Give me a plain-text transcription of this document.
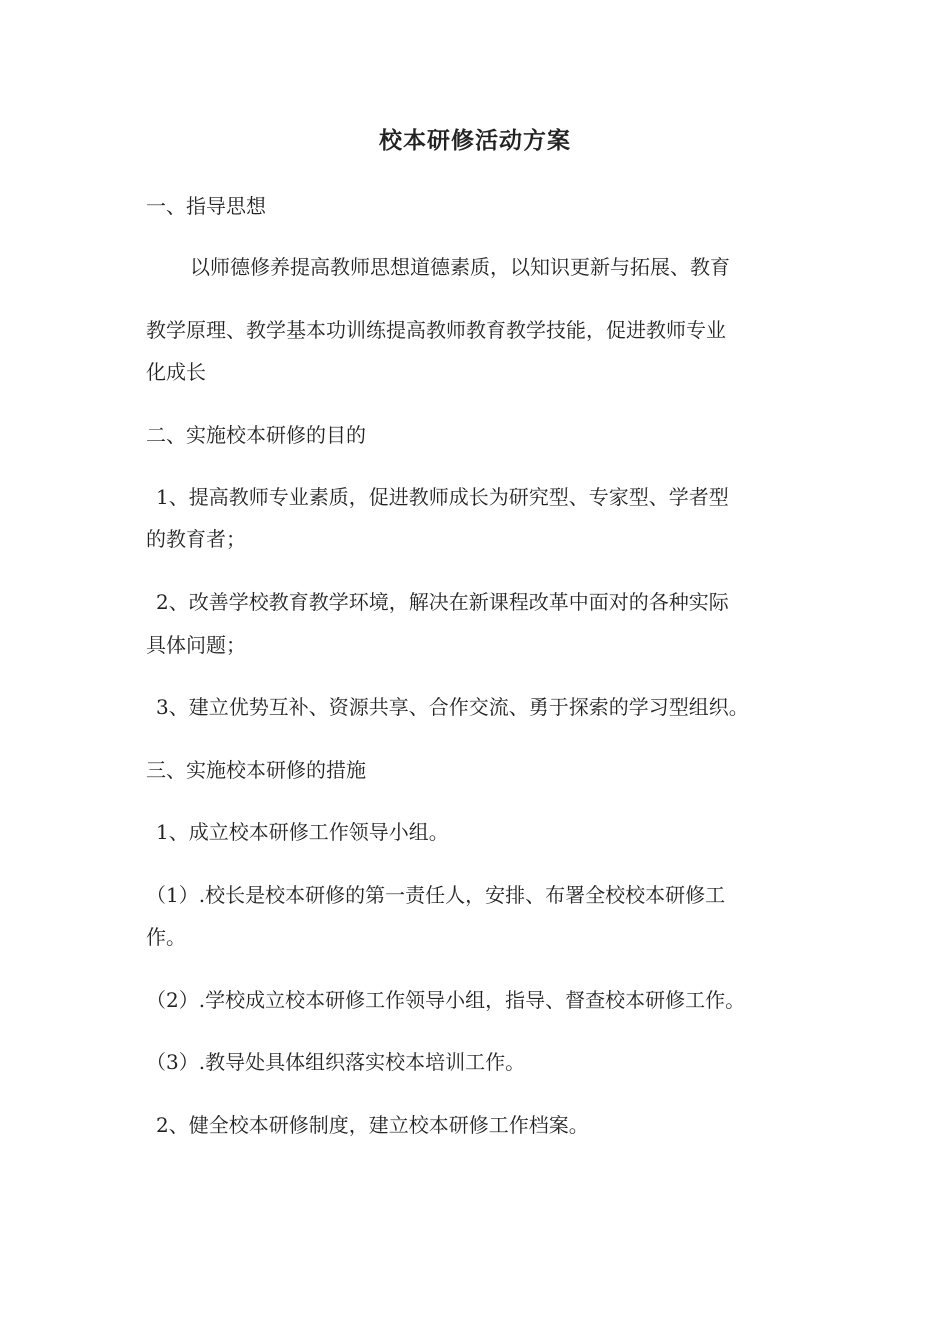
校本研修活动方案

一、指导思想

以师德修养提高教师思想道德素质，以知识更新与拓展、教育

教学原理、教学基本功训练提高教师教育教学技能，促进教师专业

化成长

二、实施校本研修的目的

1、提高教师专业素质，促进教师成长为研究型、专家型、学者型

的教育者；

2、改善学校教育教学环境，解决在新课程改革中面对的各种实际

具体问题；

3、建立优势互补、资源共享、合作交流、勇于探索的学习型组织。

三、实施校本研修的措施

1、成立校本研修工作领导小组。

（1）.校长是校本研修的第一责任人，安排、布署全校校本研修工

作。

（2）.学校成立校本研修工作领导小组，指导、督查校本研修工作。

（3）.教导处具体组织落实校本培训工作。

2、健全校本研修制度，建立校本研修工作档案。
